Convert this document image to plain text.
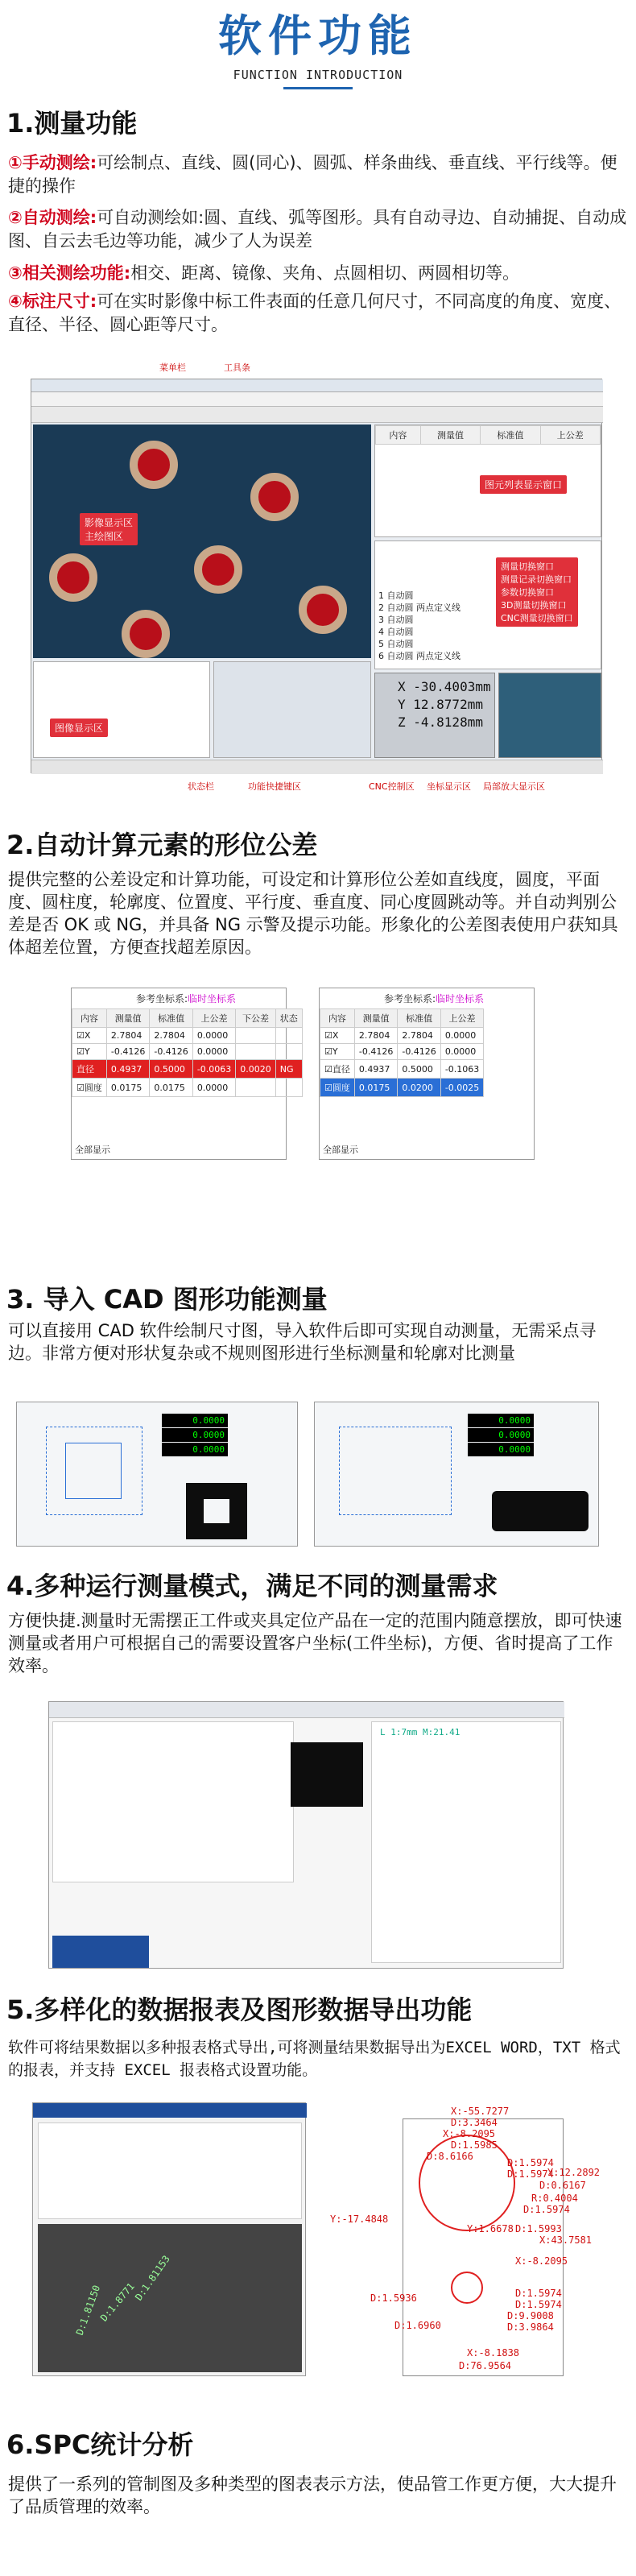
软件功能
FUNCTION INTRODUCTION
1.测量功能
①手动测绘:可绘制点、直线、圆(同心)、圆弧、样条曲线、垂直线、平行线等。便捷的操作
②自动测绘:可自动测绘如:圆、直线、弧等图形。具有自动寻边、自动捕捉、自动成图、自云去毛边等功能，减少了人为误差
③相关测绘功能:相交、距离、镜像、夹角、点圆相切、两圆相切等。
④标注尺寸:可在实时影像中标工件表面的任意几何尺寸，不同高度的角度、宽度、直径、半径、圆心距等尺寸。
菜单栏	工具条
影像显示区
主绘图区
内容	测量值	标准值	上公差
图元列表显示窗口
1 自动圆
2 自动圆 两点定义线
3 自动圆
4 自动圆
5 自动圆
6 自动圆 两点定义线
测量切换窗口
测量记录切换窗口
参数切换窗口
3D测量切换窗口
CNC测量切换窗口
图像显示区
X -30.4003mm
Y 12.8772mm
Z -4.8128mm
状态栏	功能快捷键区	CNC控制区 坐标显示区 局部放大显示区
2.自动计算元素的形位公差
提供完整的公差设定和计算功能，可设定和计算形位公差如直线度，圆度，平面度、圆柱度，轮廓度、位置度、平行度、垂直度、同心度圆跳动等。并自动判别公差是否 OK 或 NG，并具备 NG 示警及提示功能。形象化的公差图表使用户获知具体超差位置，方便查找超差原因。
参考坐标系:临时坐标系
内容	测量值	标准值	上公差	下公差	状态
☑X	2.7804	2.7804	0.0000		
☑Y	-0.4126	-0.4126	0.0000		
直径	0.4937	0.5000	-0.0063	0.0020	NG
☑圆度	0.0175	0.0175	0.0000		
全部显示
参考坐标系:临时坐标系
内容	测量值	标准值	上公差
☑X	2.7804	2.7804	0.0000
☑Y	-0.4126	-0.4126	0.0000
☑直径	0.4937	0.5000	-0.1063
☑圆度	0.0175	0.0200	-0.0025
全部显示
3. 导入 CAD 图形功能测量
可以直接用 CAD 软件绘制尺寸图，导入软件后即可实现自动测量，无需采点寻边。非常方便对形状复杂或不规则图形进行坐标测量和轮廓对比测量
0.0000
0.0000
0.0000
0.0000
0.0000
0.0000
4.多种运行测量模式，满足不同的测量需求
方便快捷.测量时无需摆正工件或夹具定位产品在一定的范围内随意摆放，即可快速测量或者用户可根据自己的需要设置客户坐标(工件坐标)，方便、省时提高了工作效率。
L 1:7mm M:21.41
5.多样化的数据报表及图形数据导出功能
软件可将结果数据以多种报表格式导出,可将测量结果数据导出为EXCEL WORD，TXT 格式的报表，并支持 EXCEL 报表格式设置功能。
D:1.81153
D:1.81150
D:1.8771
X:-55.7277
D:3.3464
X:-8.2095
D:1.5985
D:8.6166
D:1.5974
D:1.5974
D:0.6167
Y:12.2892
R:0.4004
D:1.5974
Y:-17.4848
Y:1.6678 D:1.5993
X:43.7581
X:-8.2095
D:1.5936
D:1.6960
D:1.5974
D:1.5974
D:9.9008
D:3.9864
X:-8.1838
D:76.9564
6.SPC统计分析
提供了一系列的管制图及多种类型的图表表示方法，使品管工作更方便，大大提升了品质管理的效率。
